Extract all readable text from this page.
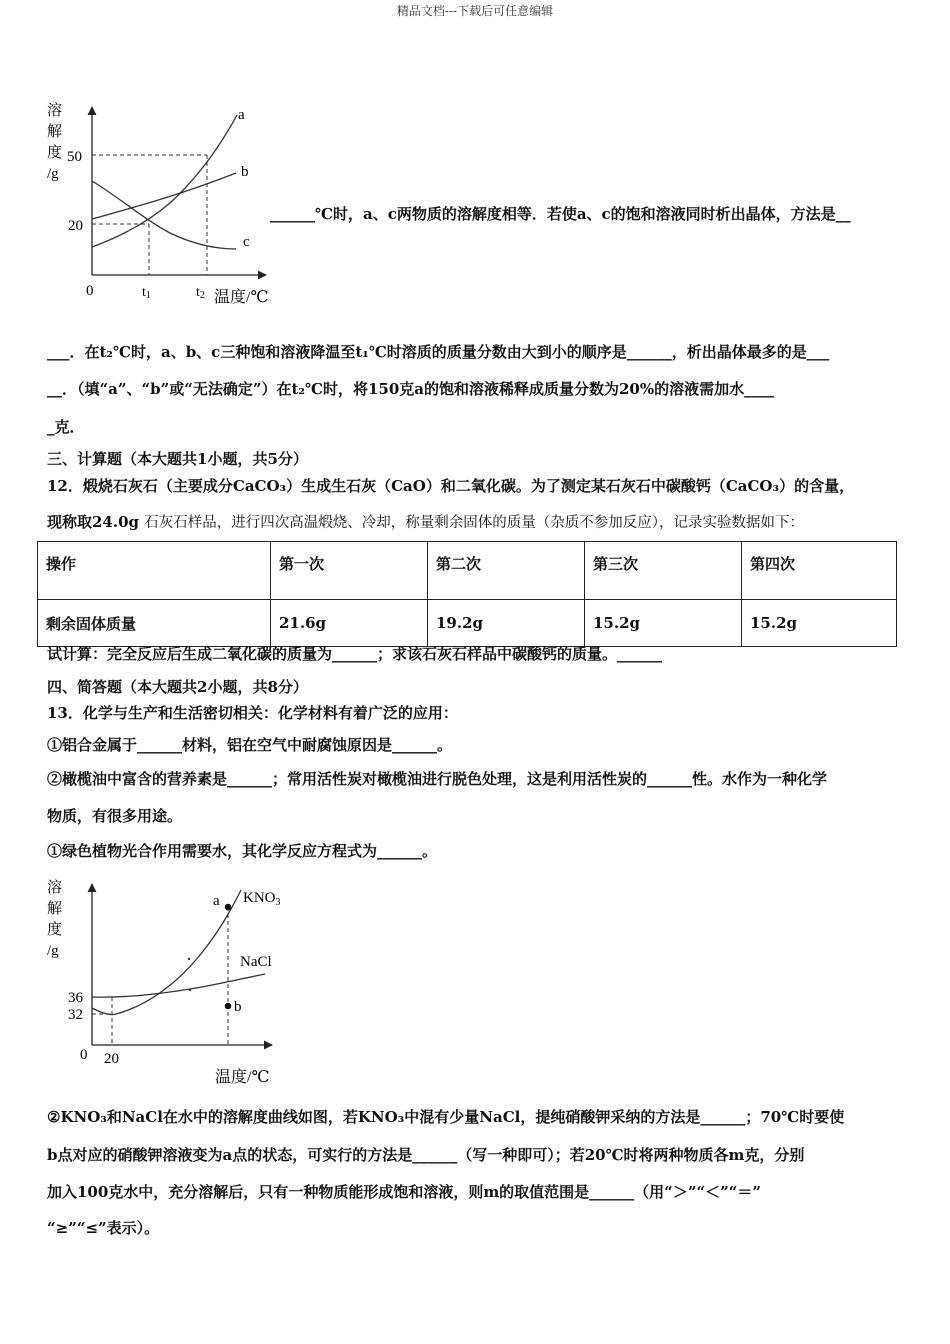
精品文档---下载后可任意编辑
溶
解
度
/g
50
20
0	t1	t2 温度/℃
a
b
c
______℃时，a、c两物质的溶解度相等．若使a、c的饱和溶液同时析出晶体，方法是__
___．在t₂℃时，a、b、c三种饱和溶液降温至t₁℃时溶质的质量分数由大到小的顺序是______，析出晶体最多的是___
__．（填“a”、“b”或“无法确定”）在t₂℃时，将150克a的饱和溶液稀释成质量分数为20%的溶液需加水____
_克．
三、计算题（本大题共1小题，共5分）
12．煅烧石灰石（主要成分CaCO₃）生成生石灰（CaO）和二氧化碳。为了测定某石灰石中碳酸钙（CaCO₃）的含量，
现称取24.0g 石灰石样品，进行四次高温煅烧、冷却，称量剩余固体的质量（杂质不参加反应），记录实验数据如下：
操作	第一次	第二次	第三次	第四次
剩余固体质量	21.6g	19.2g	15.2g	15.2g
试计算：完全反应后生成二氧化碳的质量为______；求该石灰石样品中碳酸钙的质量。______
四、简答题（本大题共2小题，共8分）
13．化学与生产和生活密切相关：化学材料有着广泛的应用：
①铝合金属于______材料，铝在空气中耐腐蚀原因是______。
②橄榄油中富含的营养素是______；常用活性炭对橄榄油进行脱色处理，这是利用活性炭的______性。水作为一种化学
物质，有很多用途。
①绿色植物光合作用需要水，其化学反应方程式为______。
溶
解
度
/g
36
32
0 20
温度/℃
a
b
$KNO_3$
NaCl
②KNO₃和NaCl在水中的溶解度曲线如图，若KNO₃中混有少量NaCl，提纯硝酸钾采纳的方法是______；70℃时要使
b点对应的硝酸钾溶液变为a点的状态，可实行的方法是______（写一种即可）；若20℃时将两种物质各m克，分别
加入100克水中，充分溶解后，只有一种物质能形成饱和溶液，则m的取值范围是______（用“＞”“＜”“＝”
“≥”“≤”表示）。
